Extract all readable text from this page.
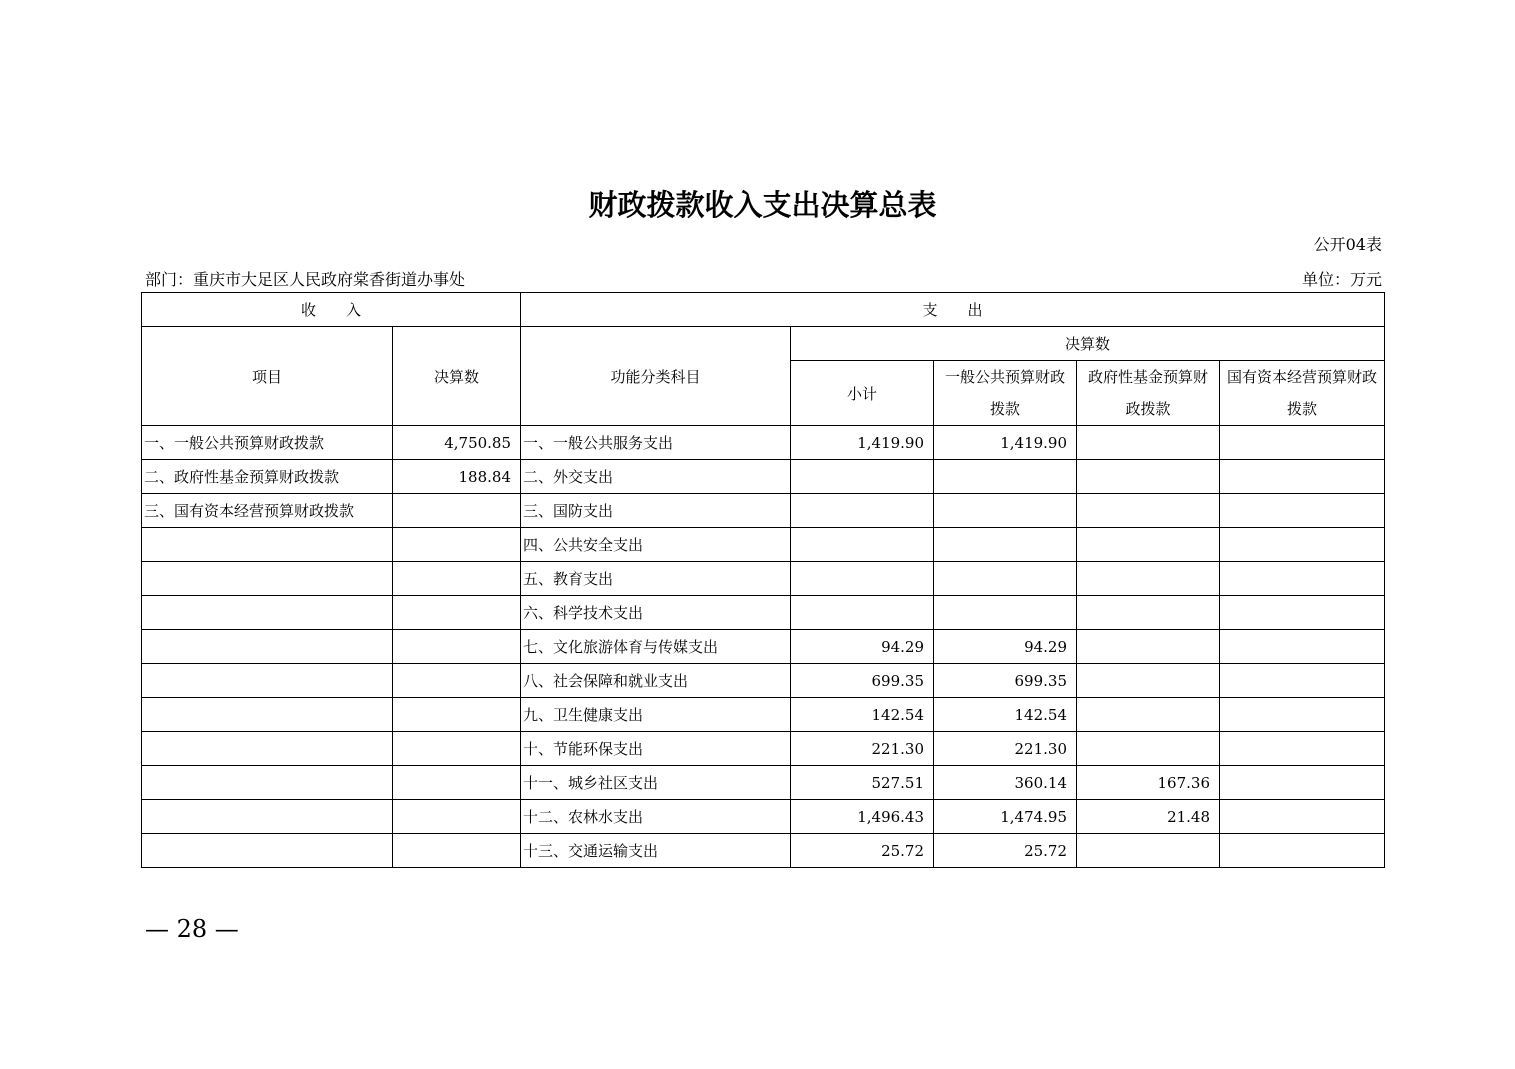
财政拨款收入支出决算总表
公开04表
部门：重庆市大足区人民政府棠香街道办事处	单位：万元
收　　入		支　　出				
项目	决算数	功能分类科目	决算数			
			小计	一般公共预算财政拨款	政府性基金预算财政拨款	国有资本经营预算财政拨款

一、一般公共预算财政拨款	4,750.85	一、一般公共服务支出	1,419.90	1,419.90		
二、政府性基金预算财政拨款	188.84	二、外交支出				
三、国有资本经营预算财政拨款		三、国防支出				
		四、公共安全支出				
		五、教育支出				
		六、科学技术支出				
		七、文化旅游体育与传媒支出	94.29	94.29		
		八、社会保障和就业支出	699.35	699.35		
		九、卫生健康支出	142.54	142.54		
		十、节能环保支出	221.30	221.30		
		十一、城乡社区支出	527.51	360.14	167.36	
		十二、农林水支出	1,496.43	1,474.95	21.48	
		十三、交通运输支出	25.72	25.72		
— 28 —
